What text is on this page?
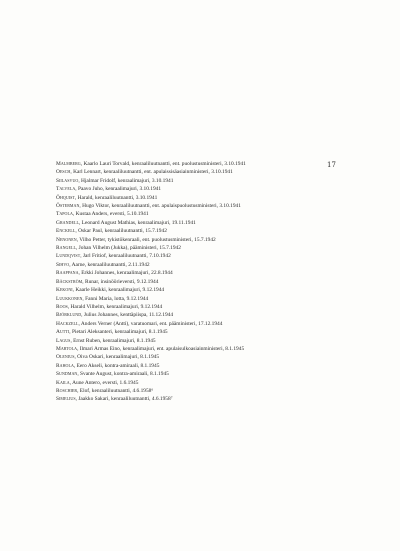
17
Malmberg, Kaarlo Lauri Torvald, kenraaliluutnantti, ent. puolustusministeri, 3.10.1941
Oesch, Karl Lennart, kenraaliluutnantti, ent. apulaissisäasiainministeri, 3.10.1941
Siilasvuo, Hjalmar Fridolf, kenraalimajuri, 3.10.1941
Talvela, Paavo Juho, kenraalimajuri, 3.10.1941
Öhquist, Harald, kenraaliluutnantti, 3.10.1941
Österman, Hugo Viktor, kenraaliluutnantti, ent. apulaispuolustusministeri, 3.10.1941
Tapola, Kustaa Anders, eversti, 5.10.1941
Grandell, Leonard August Mathias, kenraalimajuri, 19.11.1941
Enckell, Oskar Paul, kenraaliluutnantti, 15.7.1942
Nenonen, Vilho Petter, tykistökenraali, ent. puolustusministeri, 15.7.1942
Rangell, Johan Vilhelm (Jukka), pääministeri, 15.7.1942
Lundqvist, Jarl Fritiof, kenraaliluutnantti, 7.10.1942
Sihvo, Aarne, kenraaliluutnantti, 2.11.1942
Raappana, Erkki Johannes, kenraalimajuri, 22.8.1944
Bäckström, Runar, insinöörieversti, 9.12.1944
Kekoni, Kaarle Heikki, kenraalimajuri, 9.12.1944
Luukkonen, Fanni Maria, lotta, 9.12.1944
Roos, Harald Vilhelm, kenraalimajuri, 9.12.1944
Björklund, Julius Johannes, kenttäpiispa, 11.12.1944
Hackzell, Anders Verner (Antti), varatuomari, ent. pääministeri, 17.12.1944
Autti, Pietari Aleksanteri, kenraalimajuri, 8.1.1945
Lagus, Ernst Ruben, kenraalimajuri, 8.1.1945
Martola, Ilmari Armas Eino, kenraalimajuri, ent. apulaisulkoasiainministeri, 8.1.1945
Olenius, Oiva Oskari, kenraalimajuri, 8.1.1945
Rahola, Eero Akseli, kontra-amiraali, 8.1.1945
Sundman, Svante August, kontra-amiraali, 8.1.1945
Kaila, Aune Antero, eversti, 1.6.1945
Roschier, Elof, kenraaliluutnantti, 4.6.1958⁶
Simelius, Jaakko Sakari, kenraaliluutnantti, 4.6.1958⁷
